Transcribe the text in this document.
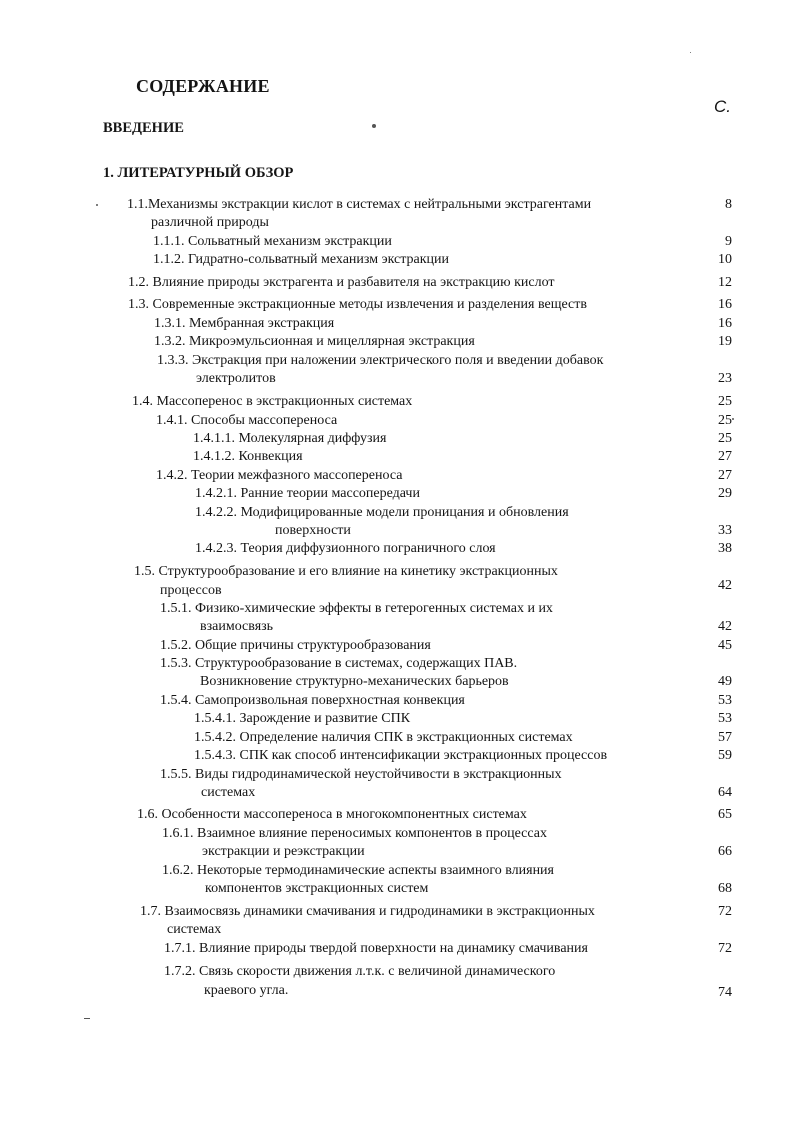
СОДЕРЖАНИЕ
С.
ВВЕДЕНИЕ
1. ЛИТЕРАТУРНЫЙ ОБЗОР
1.1.Механизмы экстракции кислот в системах с нейтральными экстрагентами
различной природы
1.1.1. Сольватный механизм экстракции
1.1.2. Гидратно-сольватный механизм экстракции
1.2. Влияние природы экстрагента и разбавителя на экстракцию кислот
1.3. Современные экстракционные методы извлечения и разделения веществ
1.3.1. Мембранная экстракция
1.3.2. Микроэмульсионная и мицеллярная экстракция
1.3.3. Экстракция при наложении электрического поля и введении добавок
электролитов
1.4. Массоперенос в экстракционных системах
1.4.1. Способы массопереноса
1.4.1.1. Молекулярная диффузия
1.4.1.2. Конвекция
1.4.2. Теории межфазного массопереноса
1.4.2.1. Ранние теории массопередачи
1.4.2.2. Модифицированные модели проницания и обновления
поверхности
1.4.2.3. Теория диффузионного пограничного слоя
1.5. Структурообразование и его влияние на кинетику экстракционных
процессов
1.5.1. Физико-химические эффекты в гетерогенных системах и их
взаимосвязь
1.5.2. Общие причины структурообразования
1.5.3. Структурообразование в системах, содержащих ПАВ.
Возникновение структурно-механических барьеров
1.5.4. Самопроизвольная поверхностная конвекция
1.5.4.1. Зарождение и развитие СПК
1.5.4.2. Определение наличия СПК в экстракционных системах
1.5.4.3. СПК как способ интенсификации экстракционных процессов
1.5.5. Виды гидродинамической неустойчивости в экстракционных
системах
1.6. Особенности массопереноса в многокомпонентных системах
1.6.1. Взаимное влияние переносимых компонентов в процессах
экстракции и реэкстракции
1.6.2. Некоторые термодинамические аспекты взаимного влияния
компонентов экстракционных систем
1.7. Взаимосвязь динамики смачивания и гидродинамики в экстракционных
системах
1.7.1. Влияние природы твердой поверхности на динамику смачивания
1.7.2. Связь скорости движения л.т.к. с величиной динамического
краевого угла.
8
9
10
12
16
16
19
23
25
25
25
27
27
29
33
38
42
42
45
49
53
53
57
59
64
65
66
68
72
72
74
